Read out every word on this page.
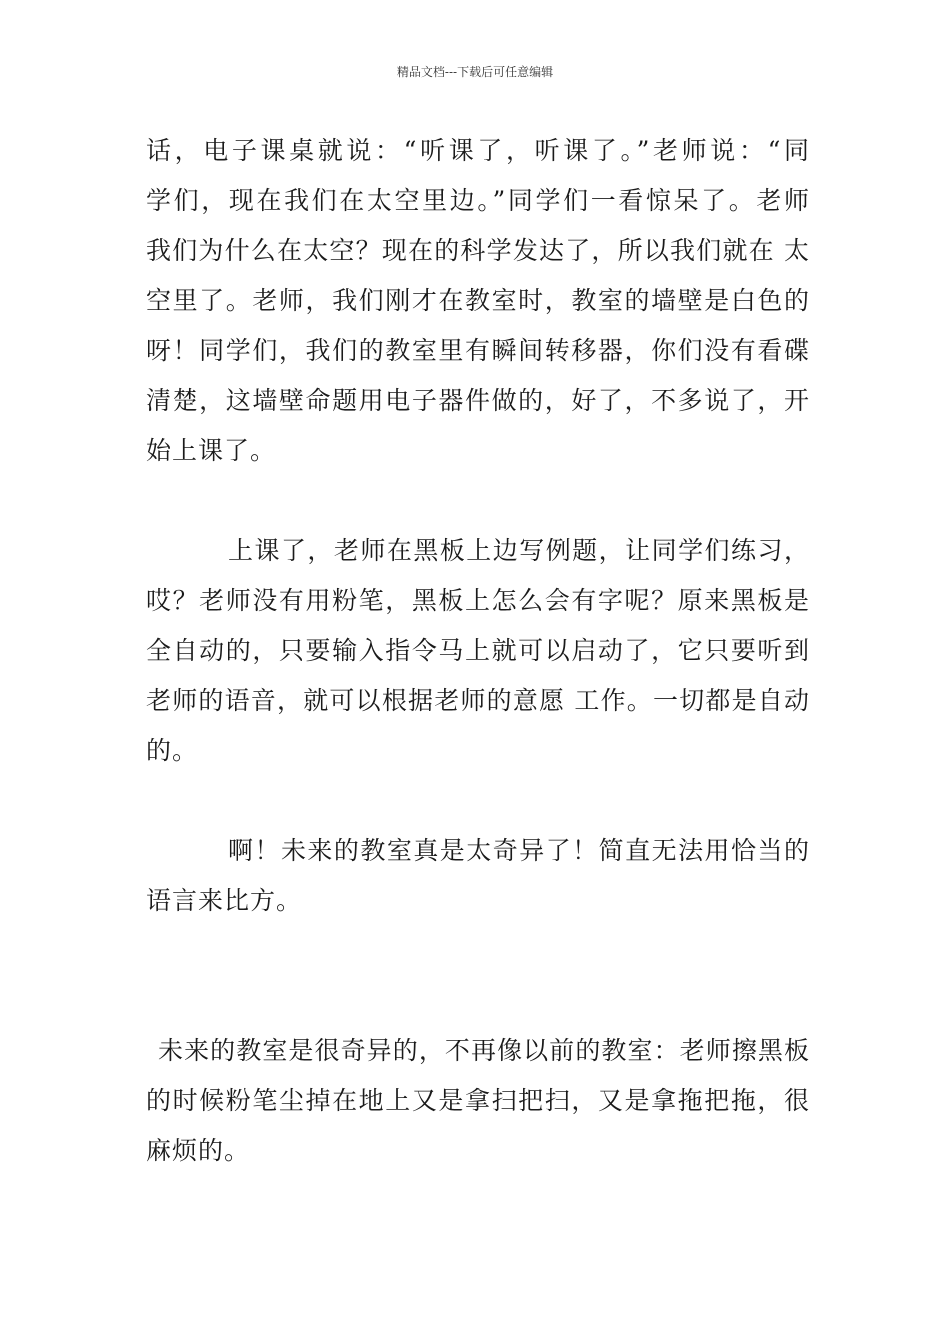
精品文档---下载后可任意编辑
话，电子课桌就说：“听课了，听课了。”老师说：“同
学们，现在我们在太空里边。”同学们一看惊呆了。老师
我们为什么在太空？现在的科学发达了，所以我们就在 太
空里了。老师，我们刚才在教室时，教室的墙壁是白色的
呀！同学们，我们的教室里有瞬间转移器，你们没有看碟
清楚，这墙壁命题用电子器件做的，好了，不多说了，开
始上课了。
上课了，老师在黑板上边写例题，让同学们练习，
哎？老师没有用粉笔，黑板上怎么会有字呢？原来黑板是
全自动的，只要输入指令马上就可以启动了，它只要听到
老师的语音，就可以根据老师的意愿 工作。一切都是自动
的。
啊！未来的教室真是太奇异了！简直无法用恰当的
语言来比方。
未来的教室是很奇异的，不再像以前的教室：老师擦黑板
的时候粉笔尘掉在地上又是拿扫把扫，又是拿拖把拖，很
麻烦的。
